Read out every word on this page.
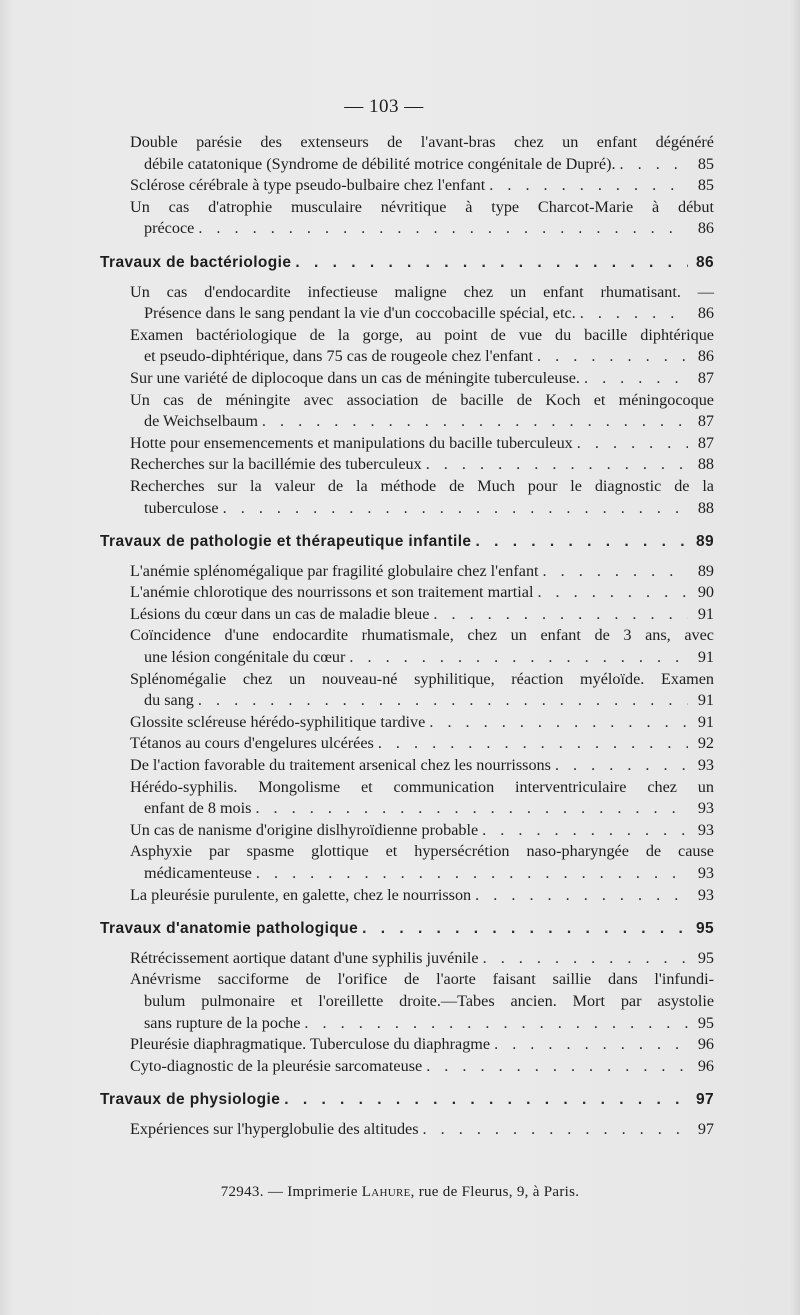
— 103 —
Double parésie des extenseurs de l'avant-bras chez un enfant dégénéré
débile catatonique (Syndrome de débilité motrice congénitale de Dupré). . . .	85
Sclérose cérébrale à type pseudo-bulbaire chez l'enfant . . .	85
Un cas d'atrophie musculaire névritique à type Charcot-Marie à début
précoce . . .	86
Travaux de bactériologie . . .	86
Un cas d'endocardite infectieuse maligne chez un enfant rhumatisant. —
Présence dans le sang pendant la vie d'un coccobacille spécial, etc. . . .	86
Examen bactériologique de la gorge, au point de vue du bacille diphtérique
et pseudo-diphtérique, dans 75 cas de rougeole chez l'enfant . . .	86
Sur une variété de diplocoque dans un cas de méningite tuberculeuse. . . .	87
Un cas de méningite avec association de bacille de Koch et méningocoque
de Weichselbaum . . .	87
Hotte pour ensemencements et manipulations du bacille tuberculeux . . .	87
Recherches sur la bacillémie des tuberculeux . . .	88
Recherches sur la valeur de la méthode de Much pour le diagnostic de la
tuberculose . . .	88
Travaux de pathologie et thérapeutique infantile . . .	89
L'anémie splénomégalique par fragilité globulaire chez l'enfant . . .	89
L'anémie chlorotique des nourrissons et son traitement martial . . .	90
Lésions du cœur dans un cas de maladie bleue . . .	91
Coïncidence d'une endocardite rhumatismale, chez un enfant de 3 ans, avec
une lésion congénitale du cœur . . .	91
Splénomégalie chez un nouveau-né syphilitique, réaction myéloïde. Examen
du sang . . .	91
Glossite scléreuse hérédo-syphilitique tardive . . .	91
Tétanos au cours d'engelures ulcérées . . .	92
De l'action favorable du traitement arsenical chez les nourrissons . . .	93
Hérédo-syphilis. Mongolisme et communication interventriculaire chez un
enfant de 8 mois . . .	93
Un cas de nanisme d'origine dislhyroïdienne probable . . .	93
Asphyxie par spasme glottique et hypersécrétion naso-pharyngée de cause
médicamenteuse . . .	93
La pleurésie purulente, en galette, chez le nourrisson . . .	93
Travaux d'anatomie pathologique . . .	95
Rétrécissement aortique datant d'une syphilis juvénile . . .	95
Anévrisme sacciforme de l'orifice de l'aorte faisant saillie dans l'infundi-
bulum pulmonaire et l'oreillette droite.—Tabes ancien. Mort par asystolie
sans rupture de la poche . . .	95
Pleurésie diaphragmatique. Tuberculose du diaphragme . . .	96
Cyto-diagnostic de la pleurésie sarcomateuse . . .	96
Travaux de physiologie . . .	97
Expériences sur l'hyperglobulie des altitudes . . .	97
72943. — Imprimerie Lahure, rue de Fleurus, 9, à Paris.
